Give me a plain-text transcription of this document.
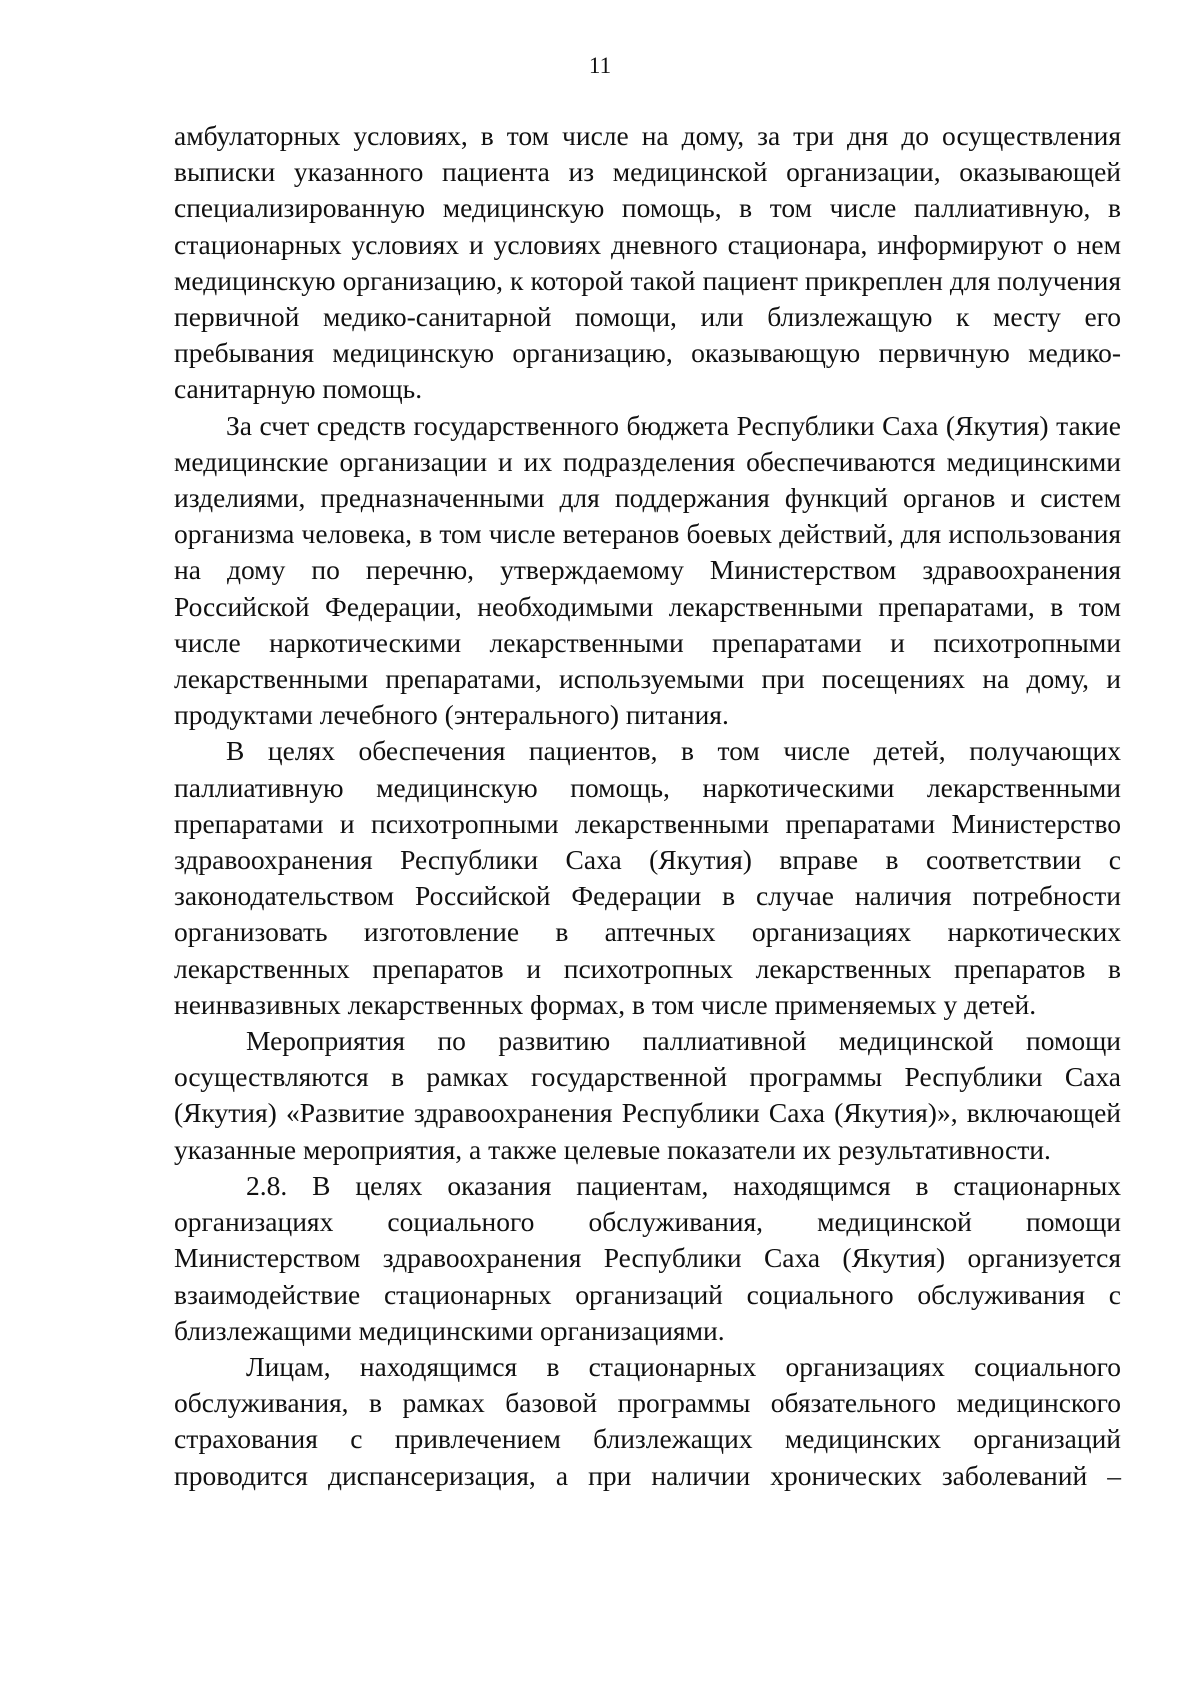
11

амбулаторных условиях, в том числе на дому, за три дня до осуществления выписки указанного пациента из медицинской организации, оказывающей специализированную медицинскую помощь, в том числе паллиативную, в стационарных условиях и условиях дневного стационара, информируют о нем медицинскую организацию, к которой такой пациент прикреплен для получения первичной медико-санитарной помощи, или близлежащую к месту его пребывания медицинскую организацию, оказывающую первичную медико-санитарную помощь.

За счет средств государственного бюджета Республики Саха (Якутия) такие медицинские организации и их подразделения обеспечиваются медицинскими изделиями, предназначенными для поддержания функций органов и систем организма человека, в том числе ветеранов боевых действий, для использования на дому по перечню, утверждаемому Министерством здравоохранения Российской Федерации, необходимыми лекарственными препаратами, в том числе наркотическими лекарственными препаратами и психотропными лекарственными препаратами, используемыми при посещениях на дому, и продуктами лечебного (энтерального) питания.

В целях обеспечения пациентов, в том числе детей, получающих паллиативную медицинскую помощь, наркотическими лекарственными препаратами и психотропными лекарственными препаратами Министерство здравоохранения Республики Саха (Якутия) вправе в соответствии с законодательством Российской Федерации в случае наличия потребности организовать изготовление в аптечных организациях наркотических лекарственных препаратов и психотропных лекарственных препаратов в неинвазивных лекарственных формах, в том числе применяемых у детей.

Мероприятия по развитию паллиативной медицинской помощи осуществляются в рамках государственной программы Республики Саха (Якутия) «Развитие здравоохранения Республики Саха (Якутия)», включающей указанные мероприятия, а также целевые показатели их результативности.

2.8. В целях оказания пациентам, находящимся в стационарных организациях социального обслуживания, медицинской помощи Министерством здравоохранения Республики Саха (Якутия) организуется взаимодействие стационарных организаций социального обслуживания с близлежащими медицинскими организациями.

Лицам, находящимся в стационарных организациях социального обслуживания, в рамках базовой программы обязательного медицинского страхования с привлечением близлежащих медицинских организаций проводится диспансеризация, а при наличии хронических заболеваний –
